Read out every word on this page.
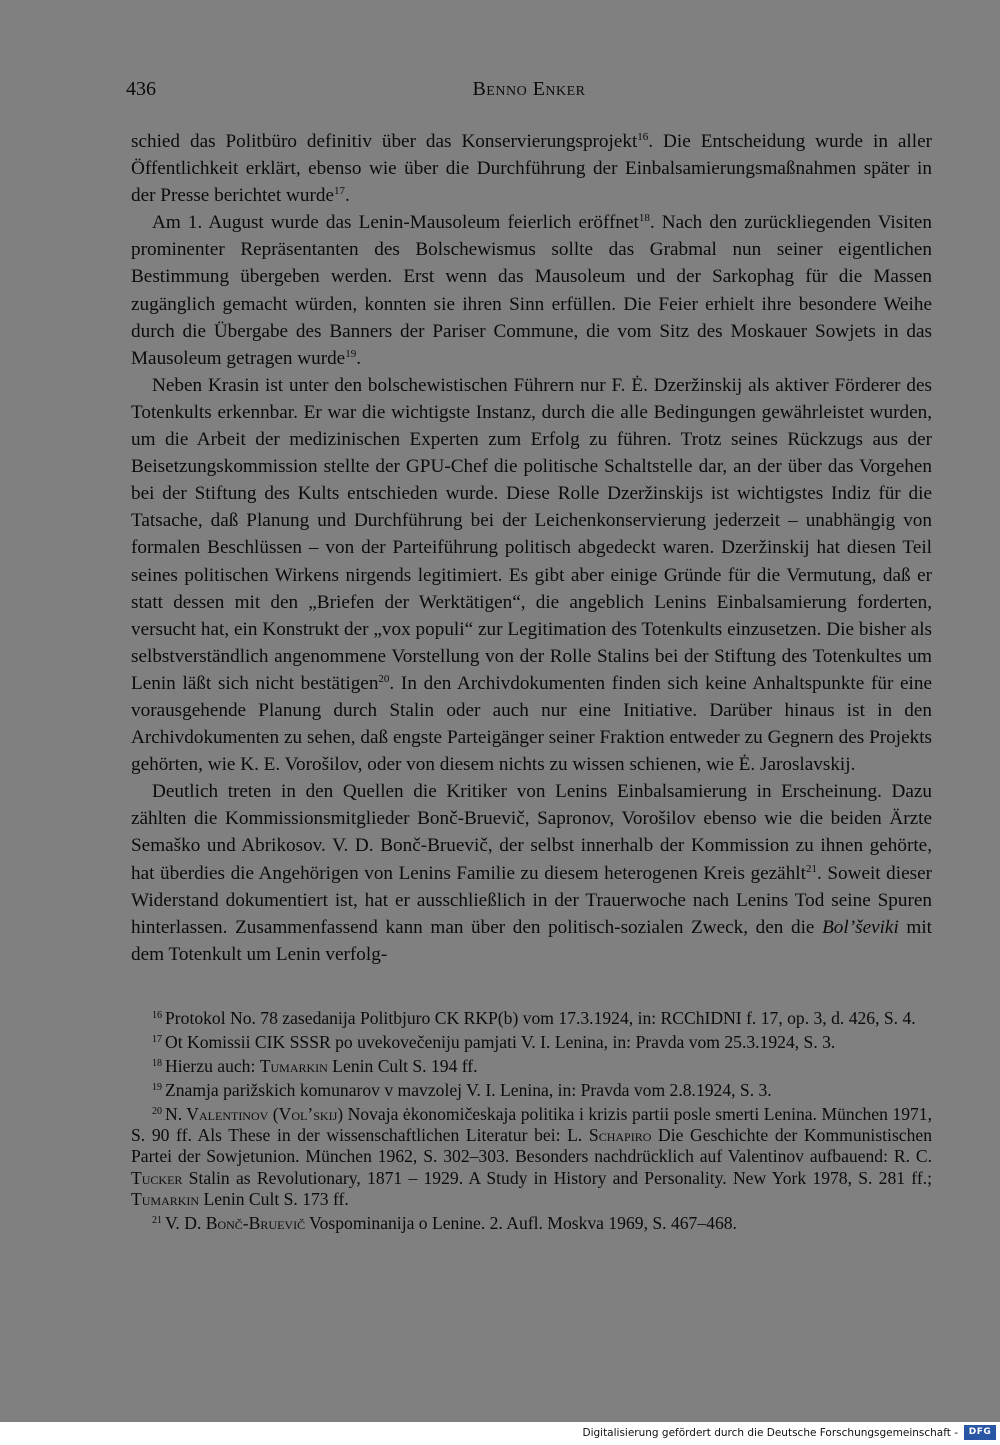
436	Benno Enker

schied das Politbüro definitiv über das Konservierungsprojekt$^{16}$. Die Entscheidung wurde in aller Öffentlichkeit erklärt, ebenso wie über die Durchführung der Einbalsamierungsmaßnahmen später in der Presse berichtet wurde$^{17}$.

Am 1. August wurde das Lenin-Mausoleum feierlich eröffnet$^{18}$. Nach den zurückliegenden Visiten prominenter Repräsentanten des Bolschewismus sollte das Grabmal nun seiner eigentlichen Bestimmung übergeben werden. Erst wenn das Mausoleum und der Sarkophag für die Massen zugänglich gemacht würden, konnten sie ihren Sinn erfüllen. Die Feier erhielt ihre besondere Weihe durch die Übergabe des Banners der Pariser Commune, die vom Sitz des Moskauer Sowjets in das Mausoleum getragen wurde$^{19}$.

Neben Krasin ist unter den bolschewistischen Führern nur F. Ė. Dzeržinskij als aktiver Förderer des Totenkults erkennbar. Er war die wichtigste Instanz, durch die alle Bedingungen gewährleistet wurden, um die Arbeit der medizinischen Experten zum Erfolg zu führen. Trotz seines Rückzugs aus der Beisetzungskommission stellte der GPU-Chef die politische Schaltstelle dar, an der über das Vorgehen bei der Stiftung des Kults entschieden wurde. Diese Rolle Dzeržinskijs ist wichtigstes Indiz für die Tatsache, daß Planung und Durchführung bei der Leichenkonservierung jederzeit – unabhängig von formalen Beschlüssen – von der Parteiführung politisch abgedeckt waren. Dzeržinskij hat diesen Teil seines politischen Wirkens nirgends legitimiert. Es gibt aber einige Gründe für die Vermutung, daß er statt dessen mit den „Briefen der Werktätigen“, die angeblich Lenins Einbalsamierung forderten, versucht hat, ein Konstrukt der „vox populi“ zur Legitimation des Totenkults einzusetzen. Die bisher als selbstverständlich angenommene Vorstellung von der Rolle Stalins bei der Stiftung des Totenkultes um Lenin läßt sich nicht bestätigen$^{20}$. In den Archivdokumenten finden sich keine Anhaltspunkte für eine vorausgehende Planung durch Stalin oder auch nur eine Initiative. Darüber hinaus ist in den Archivdokumenten zu sehen, daß engste Parteigänger seiner Fraktion entweder zu Gegnern des Projekts gehörten, wie K. E. Vorošilov, oder von diesem nichts zu wissen schienen, wie Ė. Jaroslavskij.

Deutlich treten in den Quellen die Kritiker von Lenins Einbalsamierung in Erscheinung. Dazu zählten die Kommissionsmitglieder Bonč-Bruevič, Sapronov, Vorošilov ebenso wie die beiden Ärzte Semaško und Abrikosov. V. D. Bonč-Bruevič, der selbst innerhalb der Kommission zu ihnen gehörte, hat überdies die Angehörigen von Lenins Familie zu diesem heterogenen Kreis gezählt$^{21}$. Soweit dieser Widerstand dokumentiert ist, hat er ausschließlich in der Trauerwoche nach Lenins Tod seine Spuren hinterlassen. Zusammenfassend kann man über den politisch-sozialen Zweck, den die Bol’ševiki mit dem Totenkult um Lenin verfolg-

$^{16}$ Protokol No. 78 zasedanija Politbjuro CK RKP(b) vom 17.3.1924, in: RCChIDNI f. 17, op. 3, d. 426, S. 4.

$^{17}$ Ot Komissii CIK SSSR po uvekovečeniju pamjati V. I. Lenina, in: Pravda vom 25.3.1924, S. 3.

$^{18}$ Hierzu auch: Tumarkin Lenin Cult S. 194 ff.

$^{19}$ Znamja parižskich komunarov v mavzolej V. I. Lenina, in: Pravda vom 2.8.1924, S. 3.

$^{20}$ N. Valentinov (Vol’skij) Novaja ėkonomičeskaja politika i krizis partii posle smerti Lenina. München 1971, S. 90 ff. Als These in der wissenschaftlichen Literatur bei: L. Schapiro Die Geschichte der Kommunistischen Partei der Sowjetunion. München 1962, S. 302–303. Besonders nachdrücklich auf Valentinov aufbauend: R. C. Tucker Stalin as Revolutionary, 1871 – 1929. A Study in History and Personality. New York 1978, S. 281 ff.; Tumarkin Lenin Cult S. 173 ff.

$^{21}$ V. D. Bonč-Bruevič Vospominanija o Lenine. 2. Aufl. Moskva 1969, S. 467–468.

Digitalisierung gefördert durch die Deutsche Forschungsgemeinschaft -	DFG
